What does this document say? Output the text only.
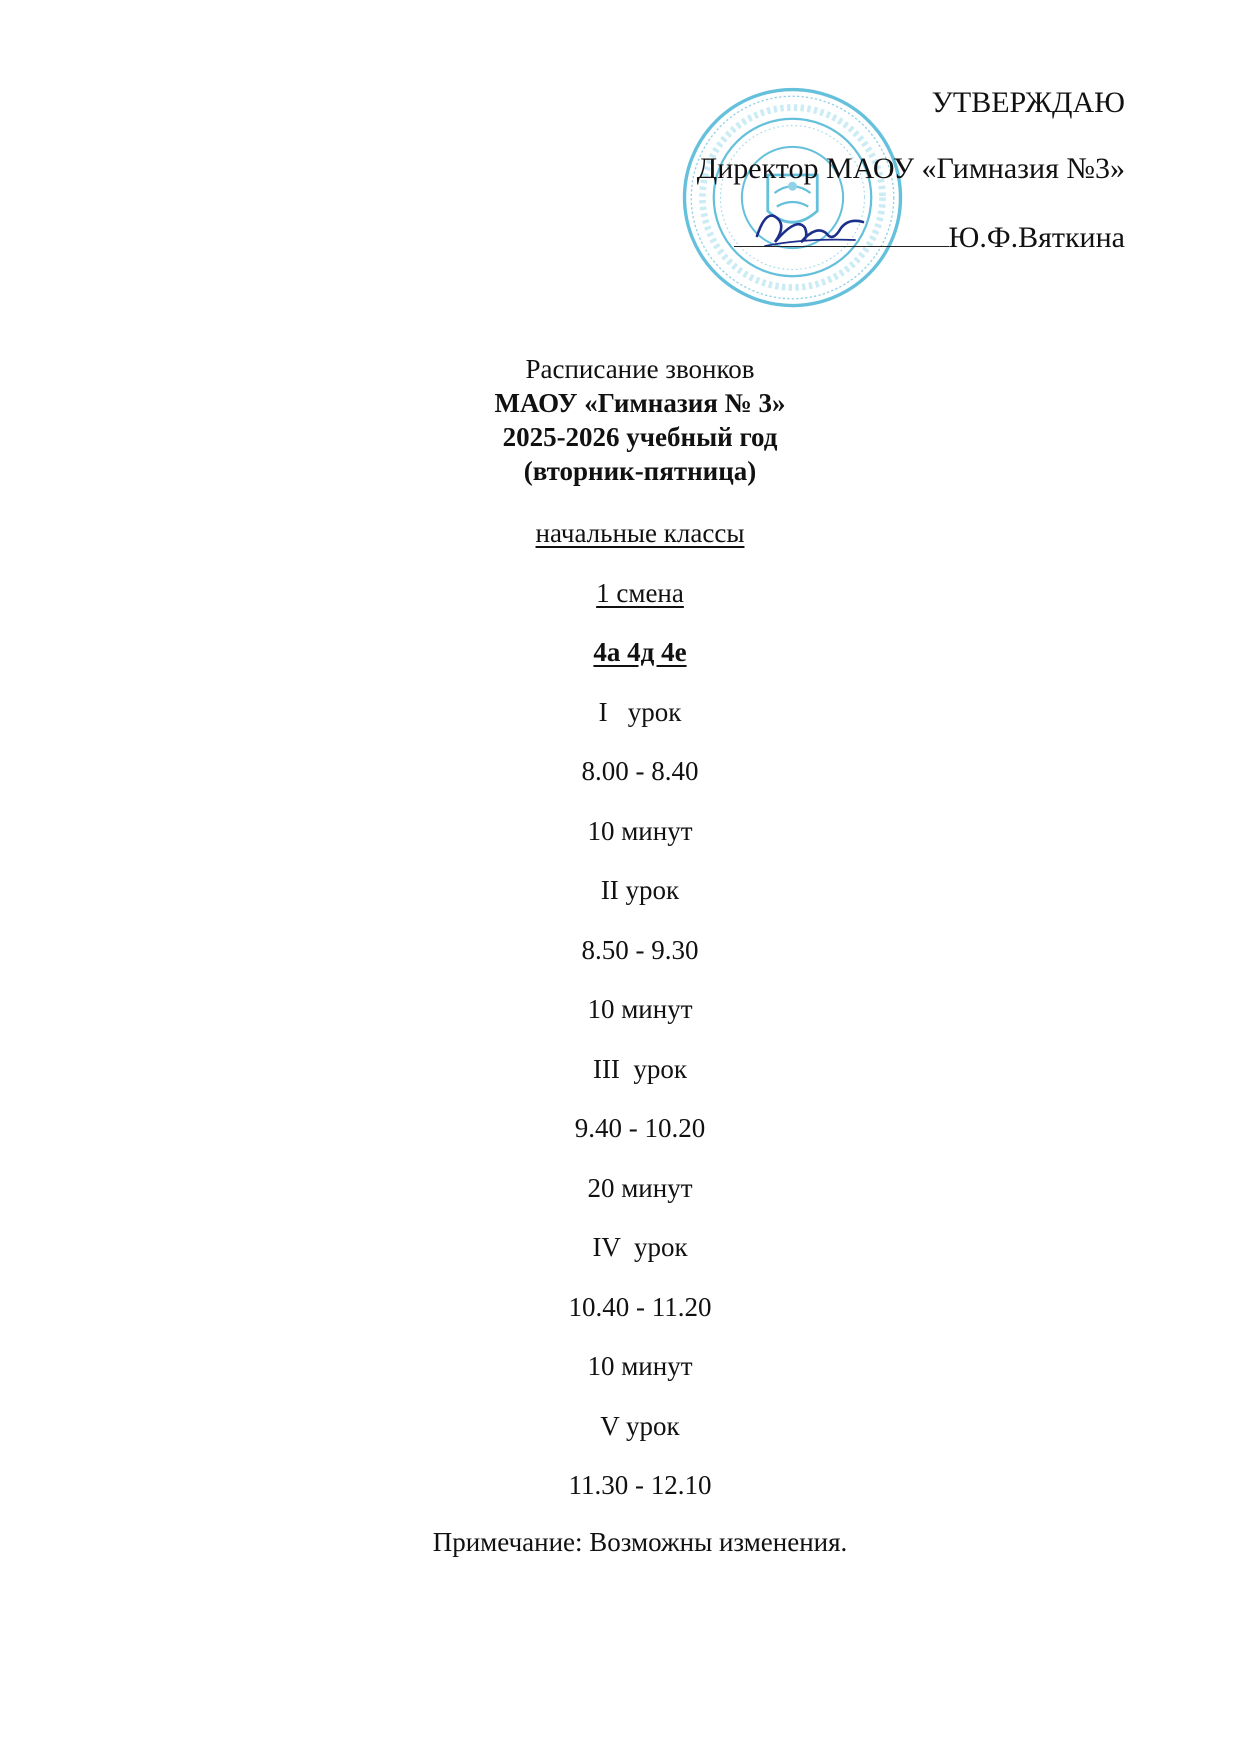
УТВЕРЖДАЮ
Директор МАОУ «Гимназия №3»
Ю.Ф.Вяткина
Расписание звонков
МАОУ «Гимназия № 3»
2025-2026 учебный год
(вторник-пятница)
начальные классы
1 смена
4а 4д 4е
I   урок
8.00 - 8.40
10 минут
II урок
8.50 - 9.30
10 минут
III  урок
9.40 - 10.20
20 минут
IV  урок
10.40 - 11.20
10 минут
V урок
11.30 - 12.10
Примечание: Возможны изменения.
